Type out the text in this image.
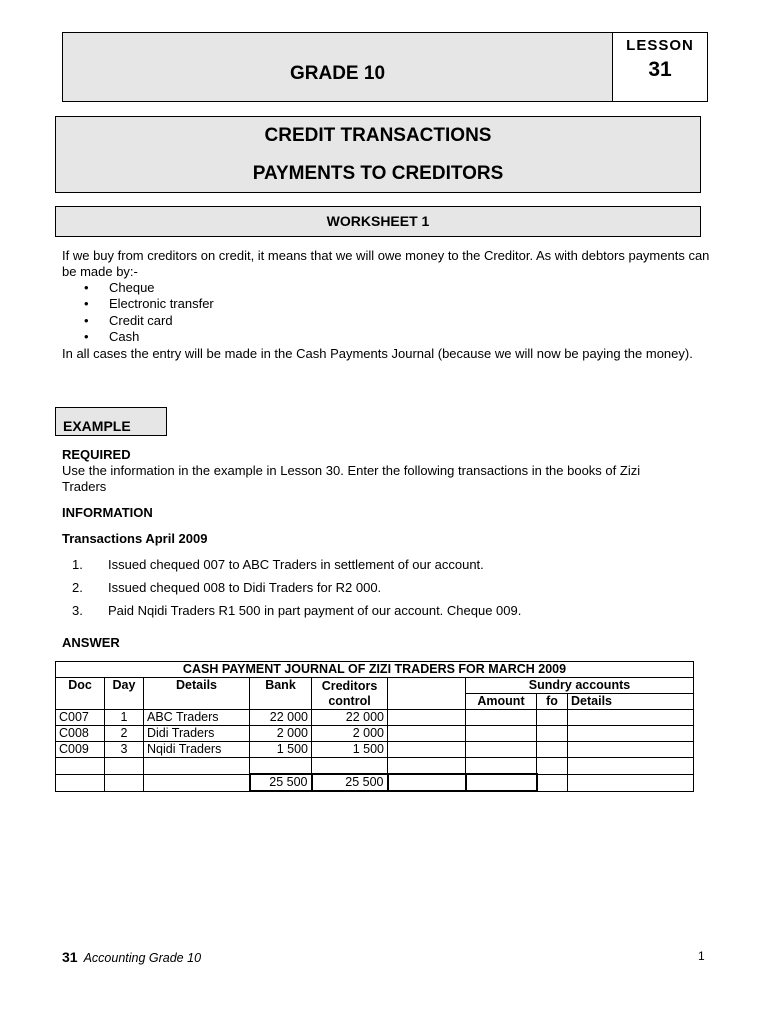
GRADE 10
LESSON
31
CREDIT TRANSACTIONS
PAYMENTS TO CREDITORS
WORKSHEET 1
If we buy from creditors on credit, it means that we will owe money to the Creditor. As with debtors payments can be made by:-
• Cheque
• Electronic transfer
• Credit card
• Cash
In all cases the entry will be made in the Cash Payments Journal (because we will now be paying the money).
EXAMPLE
REQUIRED
Use the information in the example in Lesson 30. Enter the following transactions in the books of Zizi Traders
INFORMATION
Transactions April 2009
1. Issued chequed 007 to ABC Traders in settlement of our account.
2. Issued chequed 008 to Didi Traders for R2 000.
3. Paid Nqidi Traders R1 500 in part payment of our account. Cheque 009.
ANSWER
CASH PAYMENT JOURNAL OF ZIZI TRADERS FOR MARCH 2009								
Doc	Day	Details	Bank	Creditors
control		Sundry accounts		
						Amount	fo	Details
C007	1	ABC Traders	22 000	22 000				
C008	2	Didi Traders	2 000	2 000				
C009	3	Nqidi Traders	1 500	1 500				

			25 500	25 500				
31 Accounting Grade 10	1
